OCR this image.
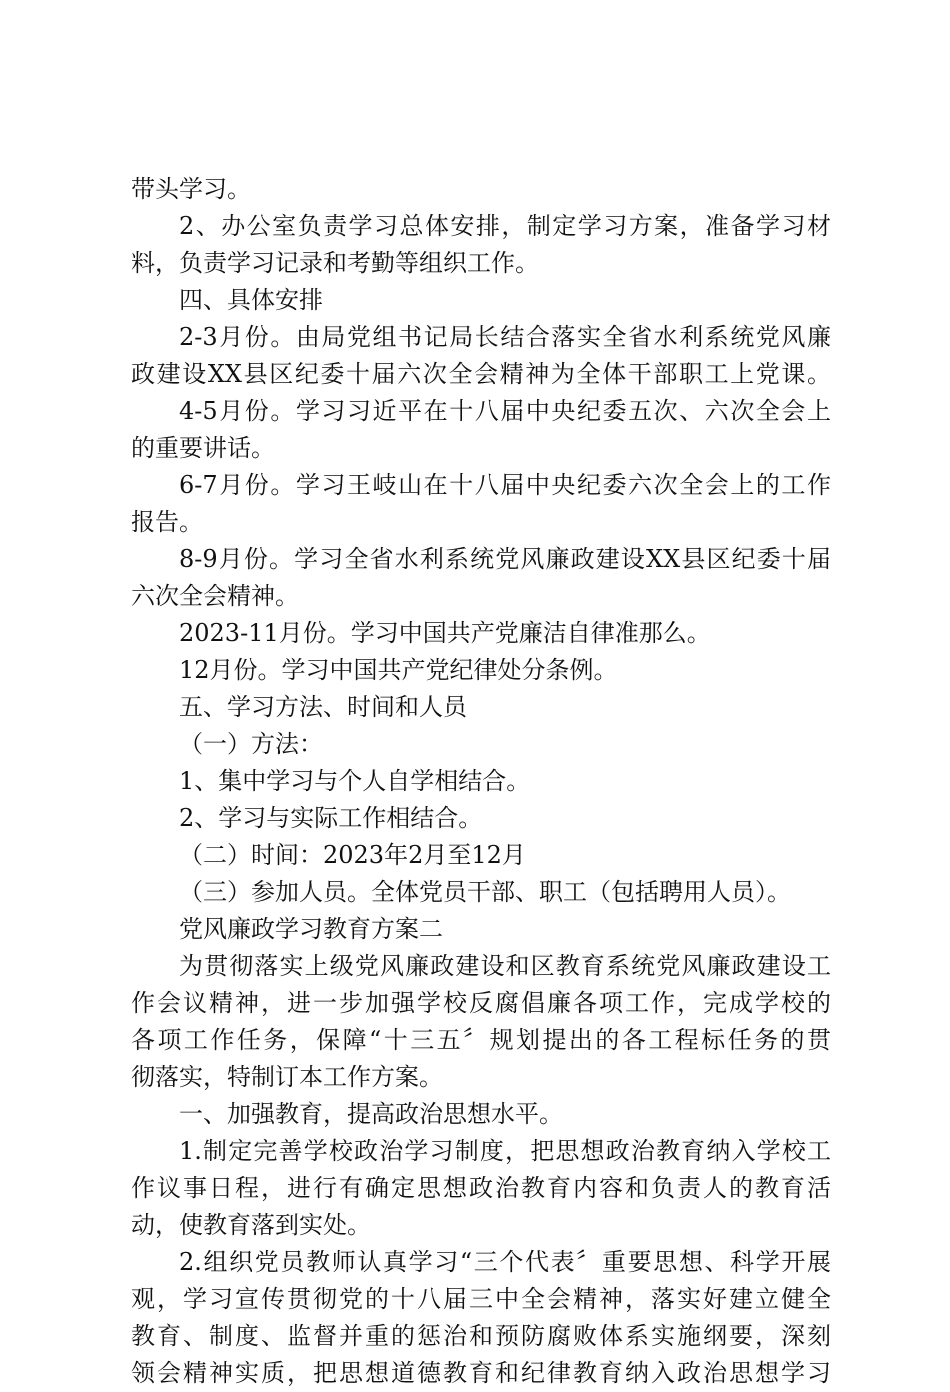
带头学习。
2、办公室负责学习总体安排，制定学习方案，准备学习材
料，负责学习记录和考勤等组织工作。
四、具体安排
2-3月份。由局党组书记局长结合落实全省水利系统党风廉
政建设XX县区纪委十届六次全会精神为全体干部职工上党课。
4-5月份。学习习近平在十八届中央纪委五次、六次全会上
的重要讲话。
6-7月份。学习王岐山在十八届中央纪委六次全会上的工作
报告。
8-9月份。学习全省水利系统党风廉政建设XX县区纪委十届
六次全会精神。
2023-11月份。学习中国共产党廉洁自律准那么。
12月份。学习中国共产党纪律处分条例。
五、学习方法、时间和人员
（一）方法：
1、集中学习与个人自学相结合。
2、学习与实际工作相结合。
（二）时间：2023年2月至12月
（三）参加人员。全体党员干部、职工（包括聘用人员）。
党风廉政学习教育方案二
为贯彻落实上级党风廉政建设和区教育系统党风廉政建设工
作会议精神，进一步加强学校反腐倡廉各项工作，完成学校的
各项工作任务，保障“十三五〞规划提出的各工程标任务的贯
彻落实，特制订本工作方案。
一、加强教育，提高政治思想水平。
1.制定完善学校政治学习制度，把思想政治教育纳入学校工
作议事日程，进行有确定思想政治教育内容和负责人的教育活
动，使教育落到实处。
2.组织党员教师认真学习“三个代表〞重要思想、科学开展
观，学习宣传贯彻党的十八届三中全会精神，落实好建立健全
教育、制度、监督并重的惩治和预防腐败体系实施纲要，深刻
领会精神实质，把思想道德教育和纪律教育纳入政治思想学习
